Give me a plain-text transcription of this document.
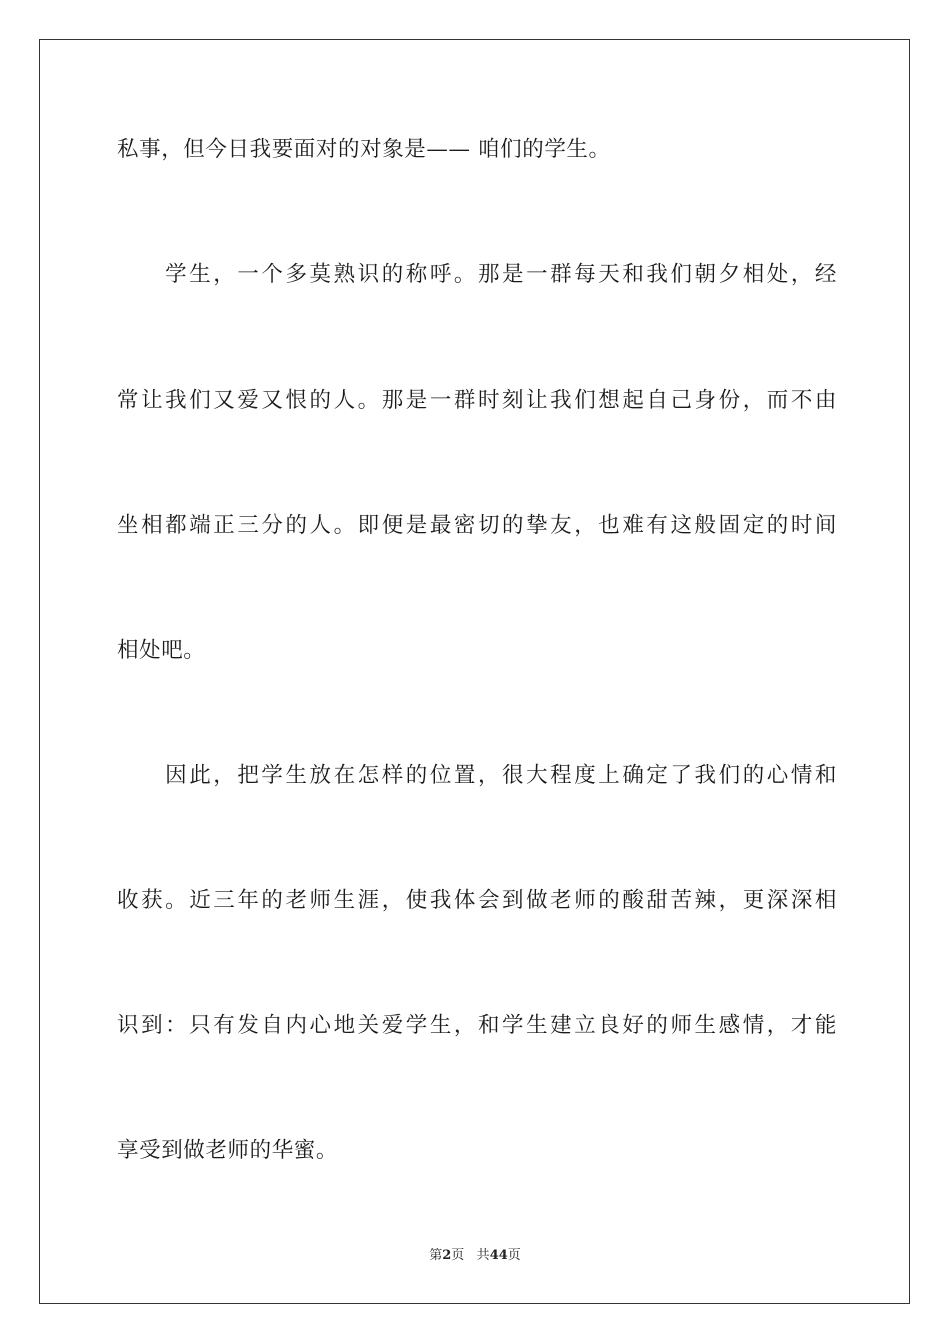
私事，但今日我要面对的对象是—— 咱们的学生。
　　学生，一个多莫熟识的称呼。那是一群每天和我们朝夕相处，经
常让我们又爱又恨的人。那是一群时刻让我们想起自己身份，而不由
坐相都端正三分的人。即便是最密切的挚友，也难有这般固定的时间
相处吧。
　　因此，把学生放在怎样的位置，很大程度上确定了我们的心情和
收获。近三年的老师生涯，使我体会到做老师的酸甜苦辣，更深深相
识到：只有发自内心地关爱学生，和学生建立良好的师生感情，才能
享受到做老师的华蜜。
第2页 共44页
